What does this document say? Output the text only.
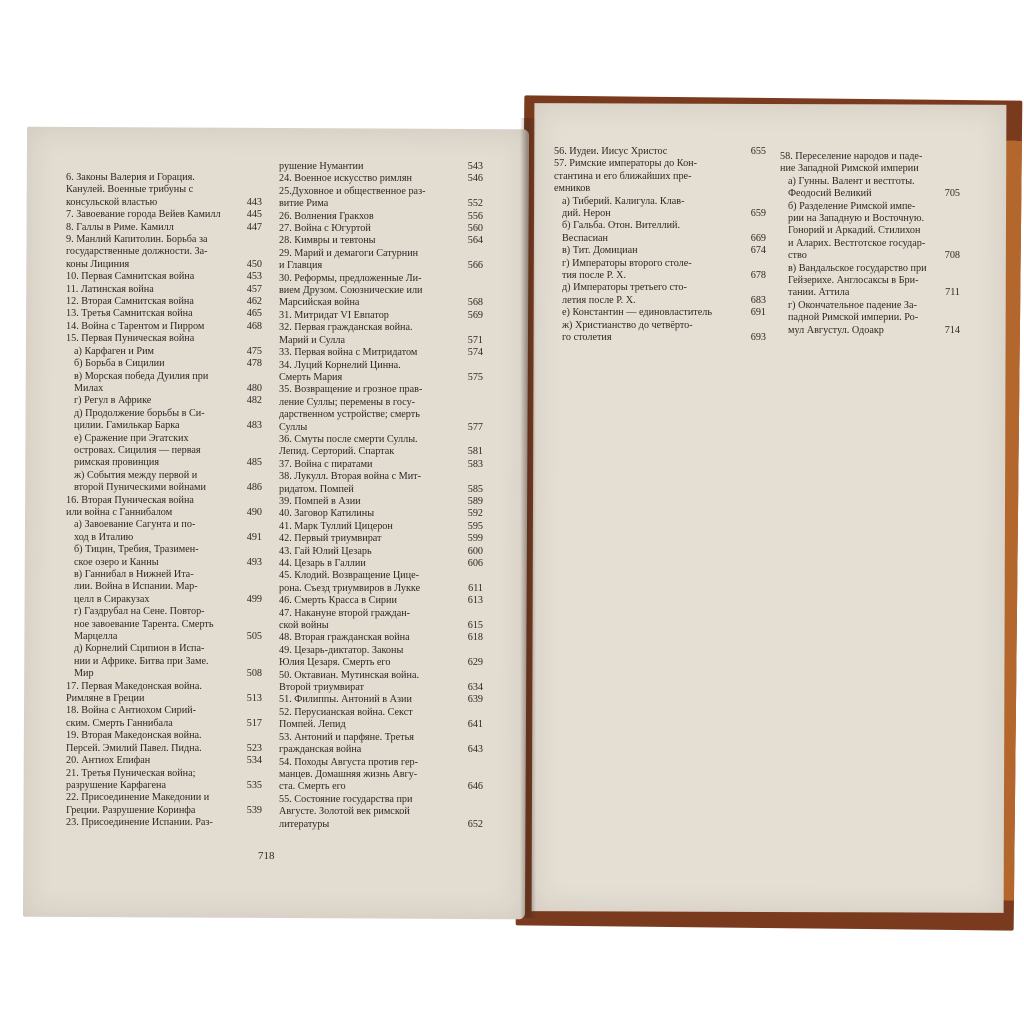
6. Законы Валерия и Горация.
Канулей. Военные трибуны с
консульской властью	443
7. Завоевание города Вейев Камилл	445
8. Галлы в Риме. Камилл	447
9. Манлий Капитолин. Борьба за
государственные должности. За-
коны Лициния	450
10. Первая Самнитская война	453
11. Латинская война	457
12. Вторая Самнитская война	462
13. Третья Самнитская война	465
14. Война с Тарентом и Пирром	468
15. Первая Пуническая война
а) Карфаген и Рим	475
б) Борьба в Сицилии	478
в) Морская победа Дуилия при
Милах	480
г) Регул в Африке	482
д) Продолжение борьбы в Си-
цилии. Гамилькар Барка	483
е) Сражение при Эгатских
островах. Сицилия — первая
римская провинция	485
ж) События между первой и
второй Пуническими войнами	486
16. Вторая Пуническая война
или война с Ганнибалом	490
а) Завоевание Сагунта и по-
ход в Италию	491
б) Тицин, Требия, Тразимен-
ское озеро и Канны	493
в) Ганнибал в Нижней Итa-
лии. Война в Испании. Мар-
целл в Сиракузах	499
г) Газдрубал на Сене. Повтор-
ное завоевание Тарента. Смерть
Марцелла	505
д) Корнелий Сципион в Испа-
нии и Африке. Битва при Заме.
Мир	508
17. Первая Македонская война.
Римляне в Греции	513
18. Война с Антиохом Сирий-
ским. Смерть Ганнибала	517
19. Вторая Македонская война.
Персей. Эмилий Павел. Пидна.	523
20. Антиох Епифан	534
21. Третья Пуническая война;
разрушение Карфагена	535
22. Присоединение Македонии и
Греции. Разрушение Коринфа	539
23. Присоединение Испании. Раз-
рушение Нумантии	543
24. Военное искусство римлян	546
25.Духовное и общественное раз-
витие Рима	552
26. Волнения Гракхов	556
27. Война с Югуртой	560
28. Кимвры и тевтоны	564
29. Марий и демагоги Сатурнин
и Главция	566
30. Реформы, предложенные Ли-
вием Друзом. Союзнические или
Марсийская война	568
31. Митридат VI Евпатор	569
32. Первая гражданская война.
Марий и Сулла	571
33. Первая война с Митридатом	574
34. Луций Корнелий Цинна.
Смерть Мария	575
35. Возвращение и грозное прав-
ление Суллы; перемены в госу-
дарственном устройстве; смерть
Суллы	577
36. Смуты после смерти Суллы.
Лепид. Серторий. Спартак	581
37. Война с пиратами	583
38. Лукулл. Вторая война с Мит-
ридатом. Помпей	585
39. Помпей в Азии	589
40. Заговор Катилины	592
41. Марк Туллий Цицерон	595
42. Первый триумвират	599
43. Гай Юлий Цезарь	600
44. Цезарь в Галлии	606
45. Клодий. Возвращение Цице-
рона. Съезд триумвиров в Лукке	611
46. Смерть Красса в Сирии	613
47. Накануне второй граждан-
ской войны	615
48. Вторая гражданская война	618
49. Цезарь-диктатор. Законы
Юлия Цезаря. Смерть его	629
50. Октавиан. Мутинская война.
Второй триумвират	634
51. Филиппы. Антоний в Азии	639
52. Перусианская война. Секст
Помпей. Лепид	641
53. Антоний и парфяне. Третья
гражданская война	643
54. Походы Августа против гер-
манцев. Домашняя жизнь Авгу-
ста. Смерть его	646
55. Состояние государства при
Августе. Золотой век римской
литературы	652
56. Иудеи. Иисус Христос	655
57. Римские императоры до Кон-
стантина и его ближайших пре-
емников
а) Тиберий. Калигула. Клав-
дий. Нерон	659
б) Гальба. Отон. Вителлий.
Веспасиан	669
в) Тит. Домициан	674
г) Императоры второго столе-
тия после Р. Х.	678
д) Императоры третьего сто-
летия после Р. Х.	683
е) Константин — единовластитель	691
ж) Христианство до четвёрто-
го столетия	693
58. Переселение народов и паде-
ние Западной Римской империи
а) Гунны. Валент и вестготы.
Феодосий Великий	705
б) Разделение Римской импе-
рии на Западную и Восточную.
Гонорий и Аркадий. Стилихон
и Аларих. Вестготское государ-
ство	708
в) Вандальское государство при
Гейзерихе. Англосаксы в Бри-
тании. Аттила	711
г) Окончательное падение За-
падной Римской империи. Ро-
мул Августул. Одоакр	714
718
